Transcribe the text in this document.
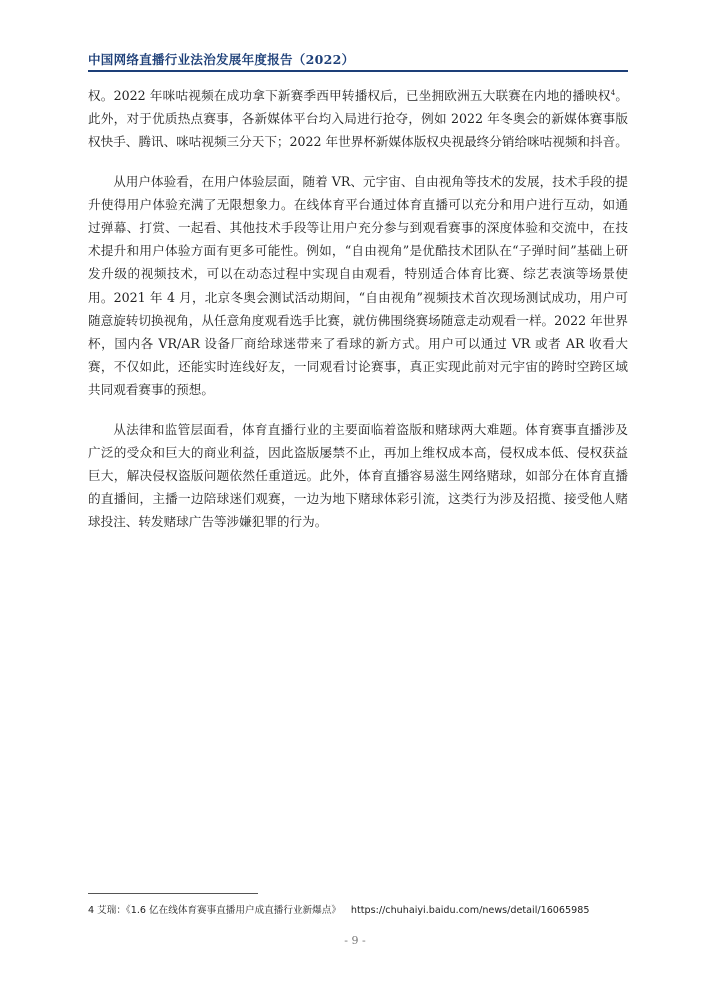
中国网络直播行业法治发展年度报告（2022）

权。2022 年咪咕视频在成功拿下新赛季西甲转播权后，已坐拥欧洲五大联赛在内地的播映权$^4$。此外，对于优质热点赛事，各新媒体平台均入局进行抢夺，例如 2022 年冬奥会的新媒体赛事版权快手、腾讯、咪咕视频三分天下；2022 年世界杯新媒体版权央视最终分销给咪咕视频和抖音。

从用户体验看，在用户体验层面，随着 VR、元宇宙、自由视角等技术的发展，技术手段的提升使得用户体验充满了无限想象力。在线体育平台通过体育直播可以充分和用户进行互动，如通过弹幕、打赏、一起看、其他技术手段等让用户充分参与到观看赛事的深度体验和交流中，在技术提升和用户体验方面有更多可能性。例如，“自由视角”是优酷技术团队在“子弹时间”基础上研发升级的视频技术，可以在动态过程中实现自由观看，特别适合体育比赛、综艺表演等场景使用。2021 年 4 月，北京冬奥会测试活动期间，“自由视角”视频技术首次现场测试成功，用户可随意旋转切换视角，从任意角度观看选手比赛，就仿佛围绕赛场随意走动观看一样。2022 年世界杯，国内各 VR/AR 设备厂商给球迷带来了看球的新方式。用户可以通过 VR 或者 AR 收看大赛，不仅如此，还能实时连线好友，一同观看讨论赛事，真正实现此前对元宇宙的跨时空跨区域共同观看赛事的预想。

从法律和监管层面看，体育直播行业的主要面临着盗版和赌球两大难题。体育赛事直播涉及广泛的受众和巨大的商业利益，因此盗版屡禁不止，再加上维权成本高，侵权成本低、侵权获益巨大，解决侵权盗版问题依然任重道远。此外，体育直播容易滋生网络赌球，如部分在体育直播的直播间，主播一边陪球迷们观赛，一边为地下赌球体彩引流，这类行为涉及招揽、接受他人赌球投注、转发赌球广告等涉嫌犯罪的行为。

4 艾瑞：《1.6 亿在线体育赛事直播用户成直播行业新爆点》 https://chuhaiyi.baidu.com/news/detail/16065985
- 9 -
